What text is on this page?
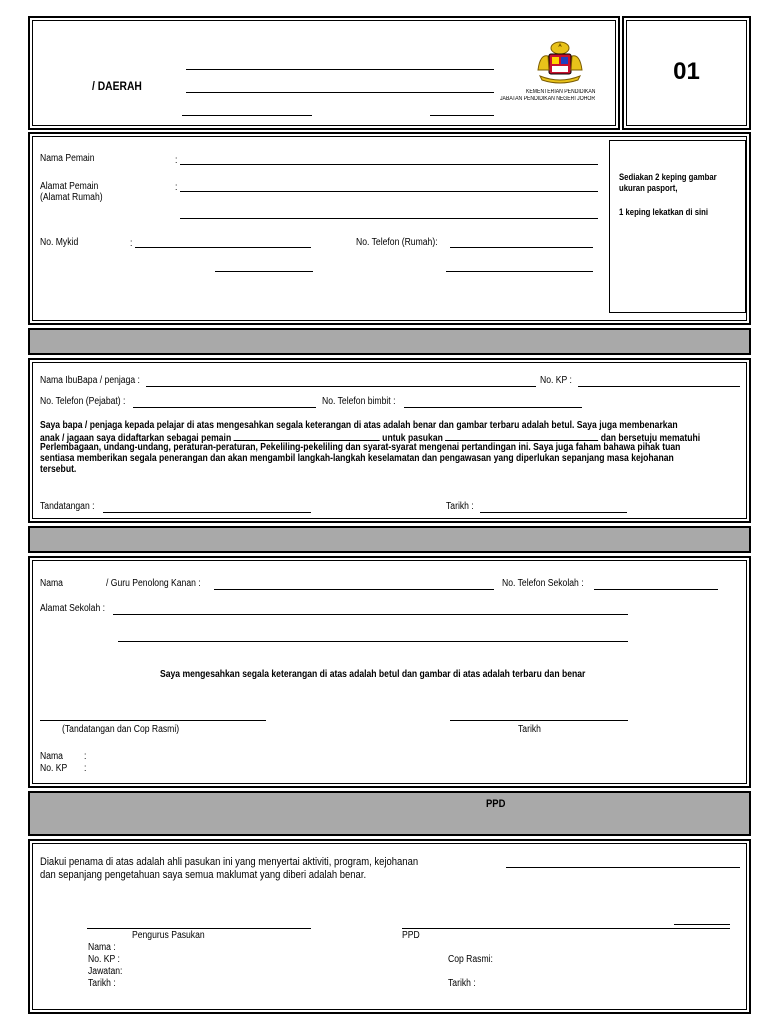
/ DAERAH	KEMENTERIAN PENDIDIKAN
JABATAN PENDIDIKAN NEGERI JOHOR
01
Nama Pemain	:
Alamat Pemain
(Alamat Rumah)
:
No. Mykid	:	No. Telefon (Rumah):
Sediakan 2 keping gambar
ukuran pasport,
1 keping lekatkan di sini
Nama IbuBapa / penjaga :	No. KP :
No. Telefon (Pejabat) :	No. Telefon bimbit :
Saya bapa / penjaga kepada pelajar di atas mengesahkan segala keterangan di atas adalah benar dan gambar terbaru adalah betul. Saya juga membenarkan
anak / jagaan saya didaftarkan sebagai pemain	untuk pasukan	dan bersetuju mematuhi
Perlembagaan, undang-undang, peraturan-peraturan, Pekeliling-pekeliling dan syarat-syarat mengenai pertandingan ini. Saya juga faham bahawa pihak tuan
sentiasa memberikan segala penerangan dan akan mengambil langkah-langkah keselamatan dan pengawasan yang diperlukan sepanjang masa kejohanan
tersebut.
Tandatangan :	Tarikh :
Nama	/ Guru Penolong Kanan :	No. Telefon Sekolah :
Alamat Sekolah :
Saya mengesahkan segala keterangan di atas adalah betul dan gambar di atas adalah terbaru dan benar
(Tandatangan dan Cop Rasmi)	Tarikh
Nama :
No. KP :
PPD
Diakui penama di atas adalah ahli pasukan ini yang menyertai aktiviti, program, kejohanan
dan sepanjang pengetahuan saya semua maklumat yang diberi adalah benar.
Pengurus Pasukan	PPD
Nama :
No. KP :
Jawatan:
Tarikh :
Cop Rasmi:
Tarikh :
